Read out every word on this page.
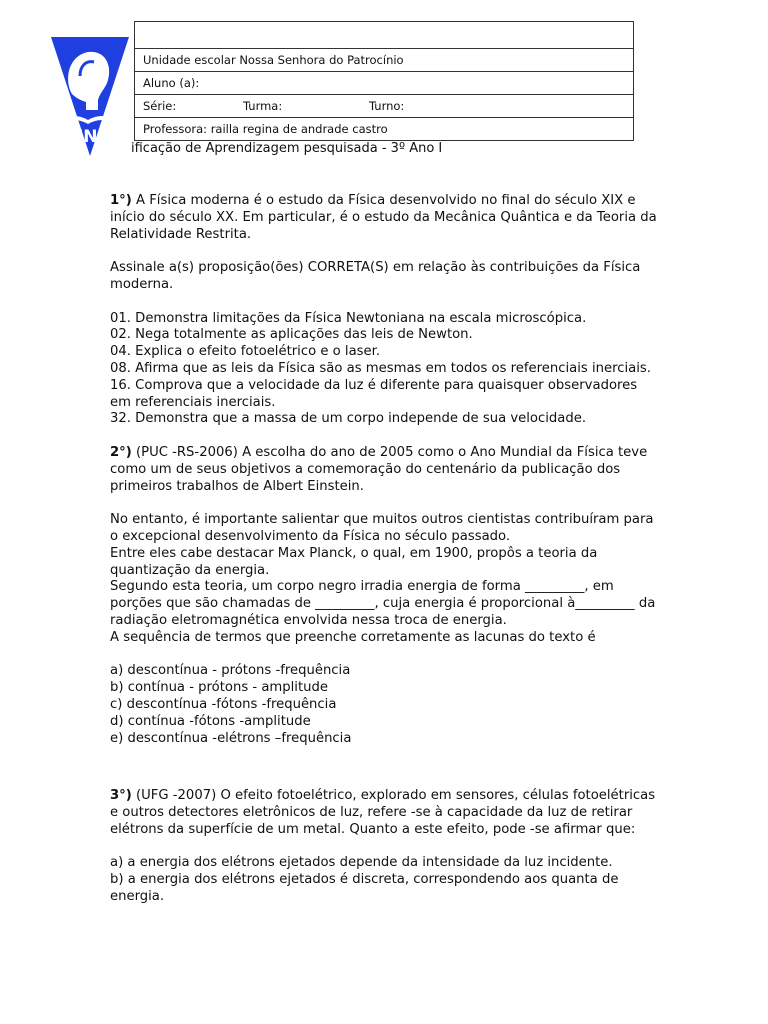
UENSP

Unidade escolar Nossa Senhora do Patrocínio
Aluno (a):
Série:	Turma:	Turno:
Professora: railla regina de andrade castro
ificação de Aprendizagem pesquisada - 3º Ano I

1°) A Física moderna é o estudo da Física desenvolvido no final do século XIX e início do século XX. Em particular, é o estudo da Mecânica Quântica e da Teoria da Relatividade Restrita.

Assinale a(s) proposição(ões) CORRETA(S) em relação às contribuições da Física moderna.

01. Demonstra limitações da Física Newtoniana na escala microscópica.

02. Nega totalmente as aplicações das leis de Newton.

04. Explica o efeito fotoelétrico e o laser.

08. Afirma que as leis da Física são as mesmas em todos os referenciais inerciais.

16. Comprova que a velocidade da luz é diferente para quaisquer observadores em referenciais inerciais.

32. Demonstra que a massa de um corpo independe de sua velocidade.

2°) (PUC -RS-2006) A escolha do ano de 2005 como o Ano Mundial da Física teve como um de seus objetivos a comemoração do centenário da publicação dos primeiros trabalhos de Albert Einstein.

No entanto, é importante salientar que muitos outros cientistas contribuíram para o excepcional desenvolvimento da Física no século passado.

Entre eles cabe destacar Max Planck, o qual, em 1900, propôs a teoria da quantização da energia.

Segundo esta teoria, um corpo negro irradia energia de forma _________, em porções que são chamadas de _________, cuja energia é proporcional à_________ da radiação eletromagnética envolvida nessa troca de energia.

A sequência de termos que preenche corretamente as lacunas do texto é

a) descontínua - prótons -frequência

b) contínua - prótons - amplitude

c) descontínua -fótons -frequência

d) contínua -fótons -amplitude

e) descontínua -elétrons –frequência

3°) (UFG -2007) O efeito fotoelétrico, explorado em sensores, células fotoelétricas e outros detectores eletrônicos de luz, refere -se à capacidade da luz de retirar elétrons da superfície de um metal. Quanto a este efeito, pode -se afirmar que:

a) a energia dos elétrons ejetados depende da intensidade da luz incidente.

b) a energia dos elétrons ejetados é discreta, correspondendo aos quanta de energia.
